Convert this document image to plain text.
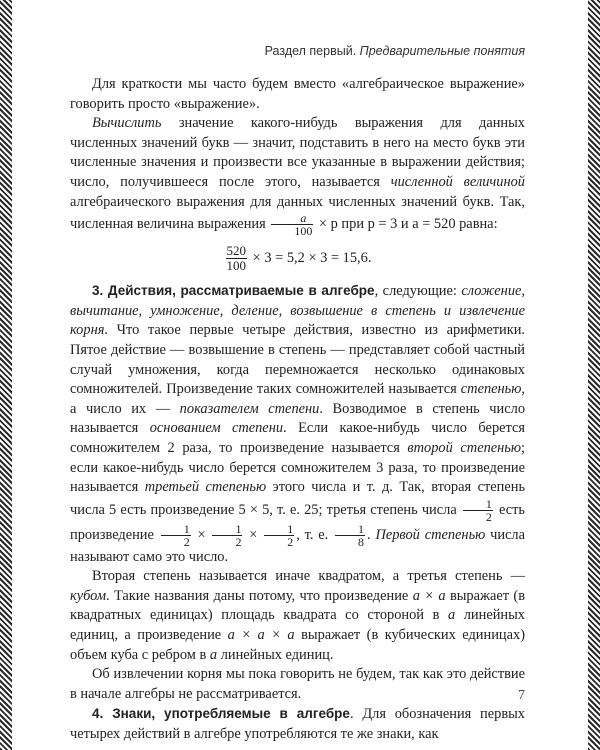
Раздел первый. Предварительные понятия

Для краткости мы часто будем вместо «алгебраическое выражение» говорить просто «выражение».

Вычислить значение какого-нибудь выражения для данных численных значений букв — значит, подставить в него на место букв эти численные значения и произвести все указанные в выражении действия; число, получившееся после этого, называется численной величиной алгебраического выражения для данных численных значений букв. Так, численная величина выражения $\frac{a}{100} \times p$ при p = 3 и a = 520 равна:

$\frac{520}{100} \times 3 = 5,2 \times 3 = 15,6$.

3. Действия, рассматриваемые в алгебре, следующие: сложение, вычитание, умножение, деление, возвышение в степень и извлечение корня. Что такое первые четыре действия, известно из арифметики. Пятое действие — возвышение в степень — представляет собой частный случай умножения, когда перемножается несколько одинаковых сомножителей. Произведение таких сомножителей называется степенью, а число их — показателем степени. Возводимое в степень число называется основанием степени. Если какое-нибудь число берется сомножителем 2 раза, то произведение называется второй степенью; если какое-нибудь число берется сомножителем 3 раза, то произведение называется третьей степенью этого числа и т. д. Так, вторая степень числа 5 есть произведение 5 × 5, т. е. 25; третья степень числа $\frac{1}{2}$ есть произведение $\frac{1}{2} \times \frac{1}{2} \times \frac{1}{2}$ , т. е. $\frac{1}{8}$ . Первой степенью числа называют само это число.

Вторая степень называется иначе квадратом, а третья степень — кубом. Такие названия даны потому, что произведение a × a выражает (в квадратных единицах) площадь квадрата со стороной в a линейных единиц, а произведение a × a × a выражает (в кубических единицах) объем куба с ребром в a линейных единиц.

Об извлечении корня мы пока говорить не будем, так как это действие в начале алгебры не рассматривается.

4. Знаки, употребляемые в алгебре. Для обозначения первых четырех действий в алгебре употребляются те же знаки, как

7
